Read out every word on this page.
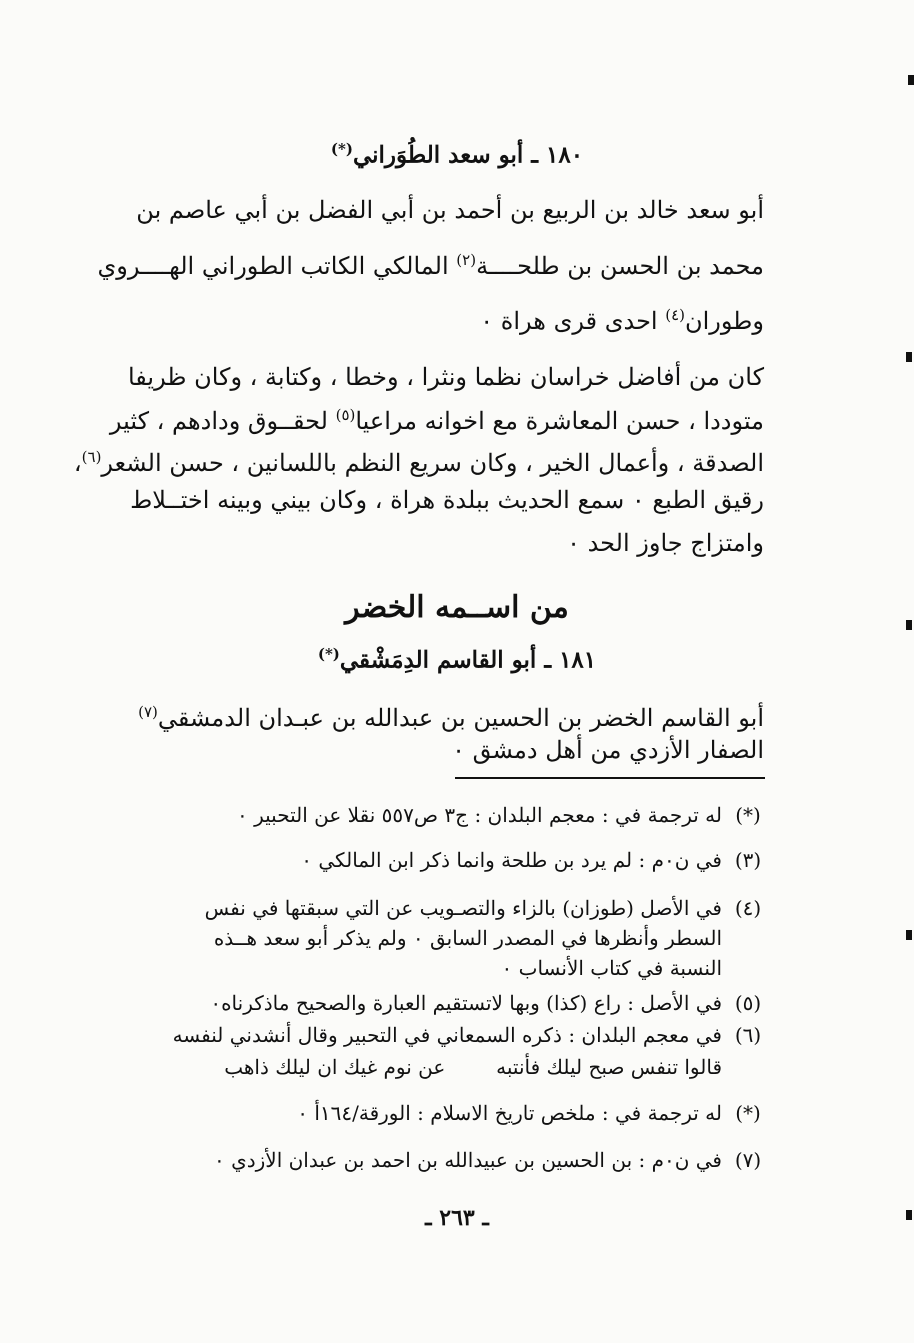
١٨٠ ـ أبو سعد الطُوَراني(*)
أبو سعد خالد بن الربيع بن أحمد بن أبي الفضل بن أبي عاصم بن
محمد بن الحسن بن طلحــــة$^{(٢)}$ المالكي الكاتب الطوراني الهــــروي
وطوران$^{(٤)}$ احدى قرى هراة ٠
كان من أفاضل خراسان نظما ونثرا ، وخطا ، وكتابة ، وكان ظريفا
متوددا ، حسن المعاشرة مع اخوانه مراعيا$^{(٥)}$ لحقــوق ودادهم ، كثير
الصدقة ، وأعمال الخير ، وكان سريع النظم باللسانين ، حسن الشعر$^{(٦)}$،
رقيق الطبع ٠ سمع الحديث ببلدة هراة ، وكان بيني وبينه اختــلاط
وامتزاج جاوز الحد ٠
من اســمه الخضر
١٨١ ـ أبو القاسم الدِمَشْقي(*)
أبو القاسم الخضر بن الحسين بن عبدالله بن عبـدان الدمشقي$^{(٧)}$
الصفار الأزدي من أهل دمشق ٠
(*)
له ترجمة في : معجم البلدان : ج٣ ص٥٥٧ نقلا عن التحبير ٠
(٣)
في ن٠م : لم يرد بن طلحة وانما ذكر ابن المالكي ٠
(٤)
في الأصل (طوزان) بالزاء والتصـويب عن التي سبقتها في نفس
السطر وأنظرها في المصدر السابق ٠ ولم يذكر أبو سعد هــذه
النسبة في كتاب الأنساب ٠
(٥)
في الأصل : راع (كذا) وبها لاتستقيم العبارة والصحيح ماذكرناه٠
(٦)
في معجم البلدان : ذكره السمعاني في التحبير وقال أنشدني لنفسه
قالوا تنفس صبح ليلك فأنتبه        عن نوم غيك ان ليلك ذاهب
(*)
له ترجمة في : ملخص تاريخ الاسلام : الورقة/١٦٤أ ٠
(٧)
في ن٠م : بن الحسين بن عبيدالله بن احمد بن عبدان الأزدي ٠
ـ ٢٦٣ ـ
